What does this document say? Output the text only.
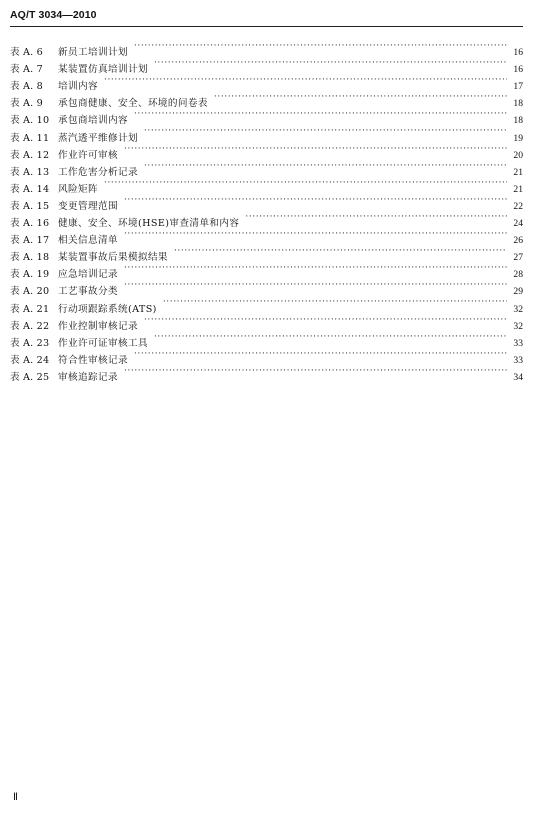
AQ/T 3034—2010
表 A. 6	新员工培训计划 ·····	16
表 A. 7	某装置仿真培训计划 ·····	16
表 A. 8	培训内容 ·····	17
表 A. 9	承包商健康、安全、环境的问卷表 ·····	18
表 A. 10 承包商培训内容 ·····	18
表 A. 11 蒸汽透平维修计划 ·····	19
表 A. 12 作业许可审核 ·····	20
表 A. 13 工作危害分析记录 ·····	21
表 A. 14 风险矩阵 ·····	21
表 A. 15 变更管理范围 ·····	22
表 A. 16 健康、安全、环境(HSE)审查清单和内容 ·····	24
表 A. 17 相关信息清单 ·····	26
表 A. 18 某装置事故后果模拟结果 ·····	27
表 A. 19 应急培训记录 ·····	28
表 A. 20 工艺事故分类 ·····	29
表 A. 21 行动项跟踪系统(ATS) ·····	32
表 A. 22 作业控制审核记录 ·····	32
表 A. 23 作业许可证审核工具 ·····	33
表 A. 24 符合性审核记录 ·····	33
表 A. 25 审核追踪记录 ·····	34
Ⅱ
